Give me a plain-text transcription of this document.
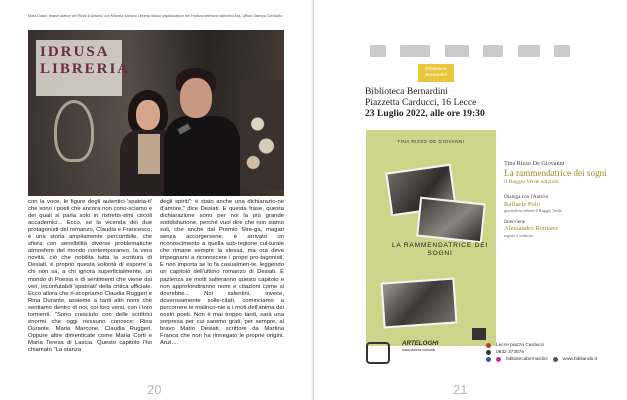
Mara Dotan, finisse autrice del Rizoli di Antonio con Michela Santoro Libreria Idrusa organizzatrice del Festival letterario salentino Ass. Ufficio Stampa Coriolaño
IDRUSA LIBRERIA
con la voce, le figure degli autentici 'spatria-ti' che sono i poeti che ancora non cono-sciamo e dei quali si parla solo in ristretts-simi circoli accademici... Ecco, se la vicenda dei due protagonisti del romanzo, Claudia e Francesco, è una storia ampliamente percorribile, che sfiora con sensibilità diverse problematiche atmosfere del mondo contemporaneo, la vera novità, ciò che nobilita tutta la scrittura di Desiati, è proprio questa volontà di esporre a chi non sa, a chi ignora superficialmente, un mondo di Poesia e di sentimenti che viene dai veri, inconfutabili 'spatriati' della critica ufficiale. Ecco allora che ri-scopriamo Claudia Ruggeri e Rina Durante, assieme a tanti altri nomi che sentiamo dentro di noi, coi loro versi, con i loro tormenti. "Sono cresciuto con delle scrittrici enormi che oggi nessuno conosce: Rina Durante, Maria Marcone, Claudia Ruggeri. Oppure altre dimenticate come Maria Corti e Maria Teresa di Lascia. Questo capitolo l'ho chiamato "La stanza
degli spiriti": è stato anche una dichiarazio-ne d'amore." dice Desiati. E questa frase, questa dichiarazione sono per noi la più grande soddisfazione, perché vuol dire che non siamo soli, che anche dal Premio Stre-ga, magari senza accorgersene, è arrivato un riconoscimento a quella sub-regione cul-turale che rimane sempre la stessa, ma ora deve impegnarsi a riconoscere i propri pro-tagonisti. E non importa se lo fa casualmen-te, leggendo un capitolo dell'ultimo romanzo di Desiati. È pazienza se molti salteranno questo capitolo e non approfondiranno nomi e citazioni come si dovrebbe... Noi salentini, invece, doverosamente solle-citati, cominciamo a percorrere le malinco-nie e i moti dell'anima dei nostri poeti. Non è mai troppo tardi, sarà una sorpresa per cui saremo grati, per sempre, al bravo Mario Desiati, scrittore da Martina Franca che non ha rinnegato le proprie origini. Anzi....
20
Biblioteca Bernardini
Biblioteca Bernardini
Piazzetta Carducci, 16 Lecce
23 Luglio 2022, alle ore 19:30
TINA RIZZO DE GIOVANNI
LA RAMMENDATRICE DEI SOGNI
Tina Rizzo De Giovanni
La rammendatrice dei sogni
Il Raggio Verde edizioni
Dialoga con l'Autrice
Raffaele Polo
giornalista editore Il Raggio Verde
Interviene
Alessandro Romano
regista e scrittore
ARTELOGHI
associazione culturale
Lecce piazza Carducci
0832 373576
bibliotecabernardini	www.bibliando.it
21
